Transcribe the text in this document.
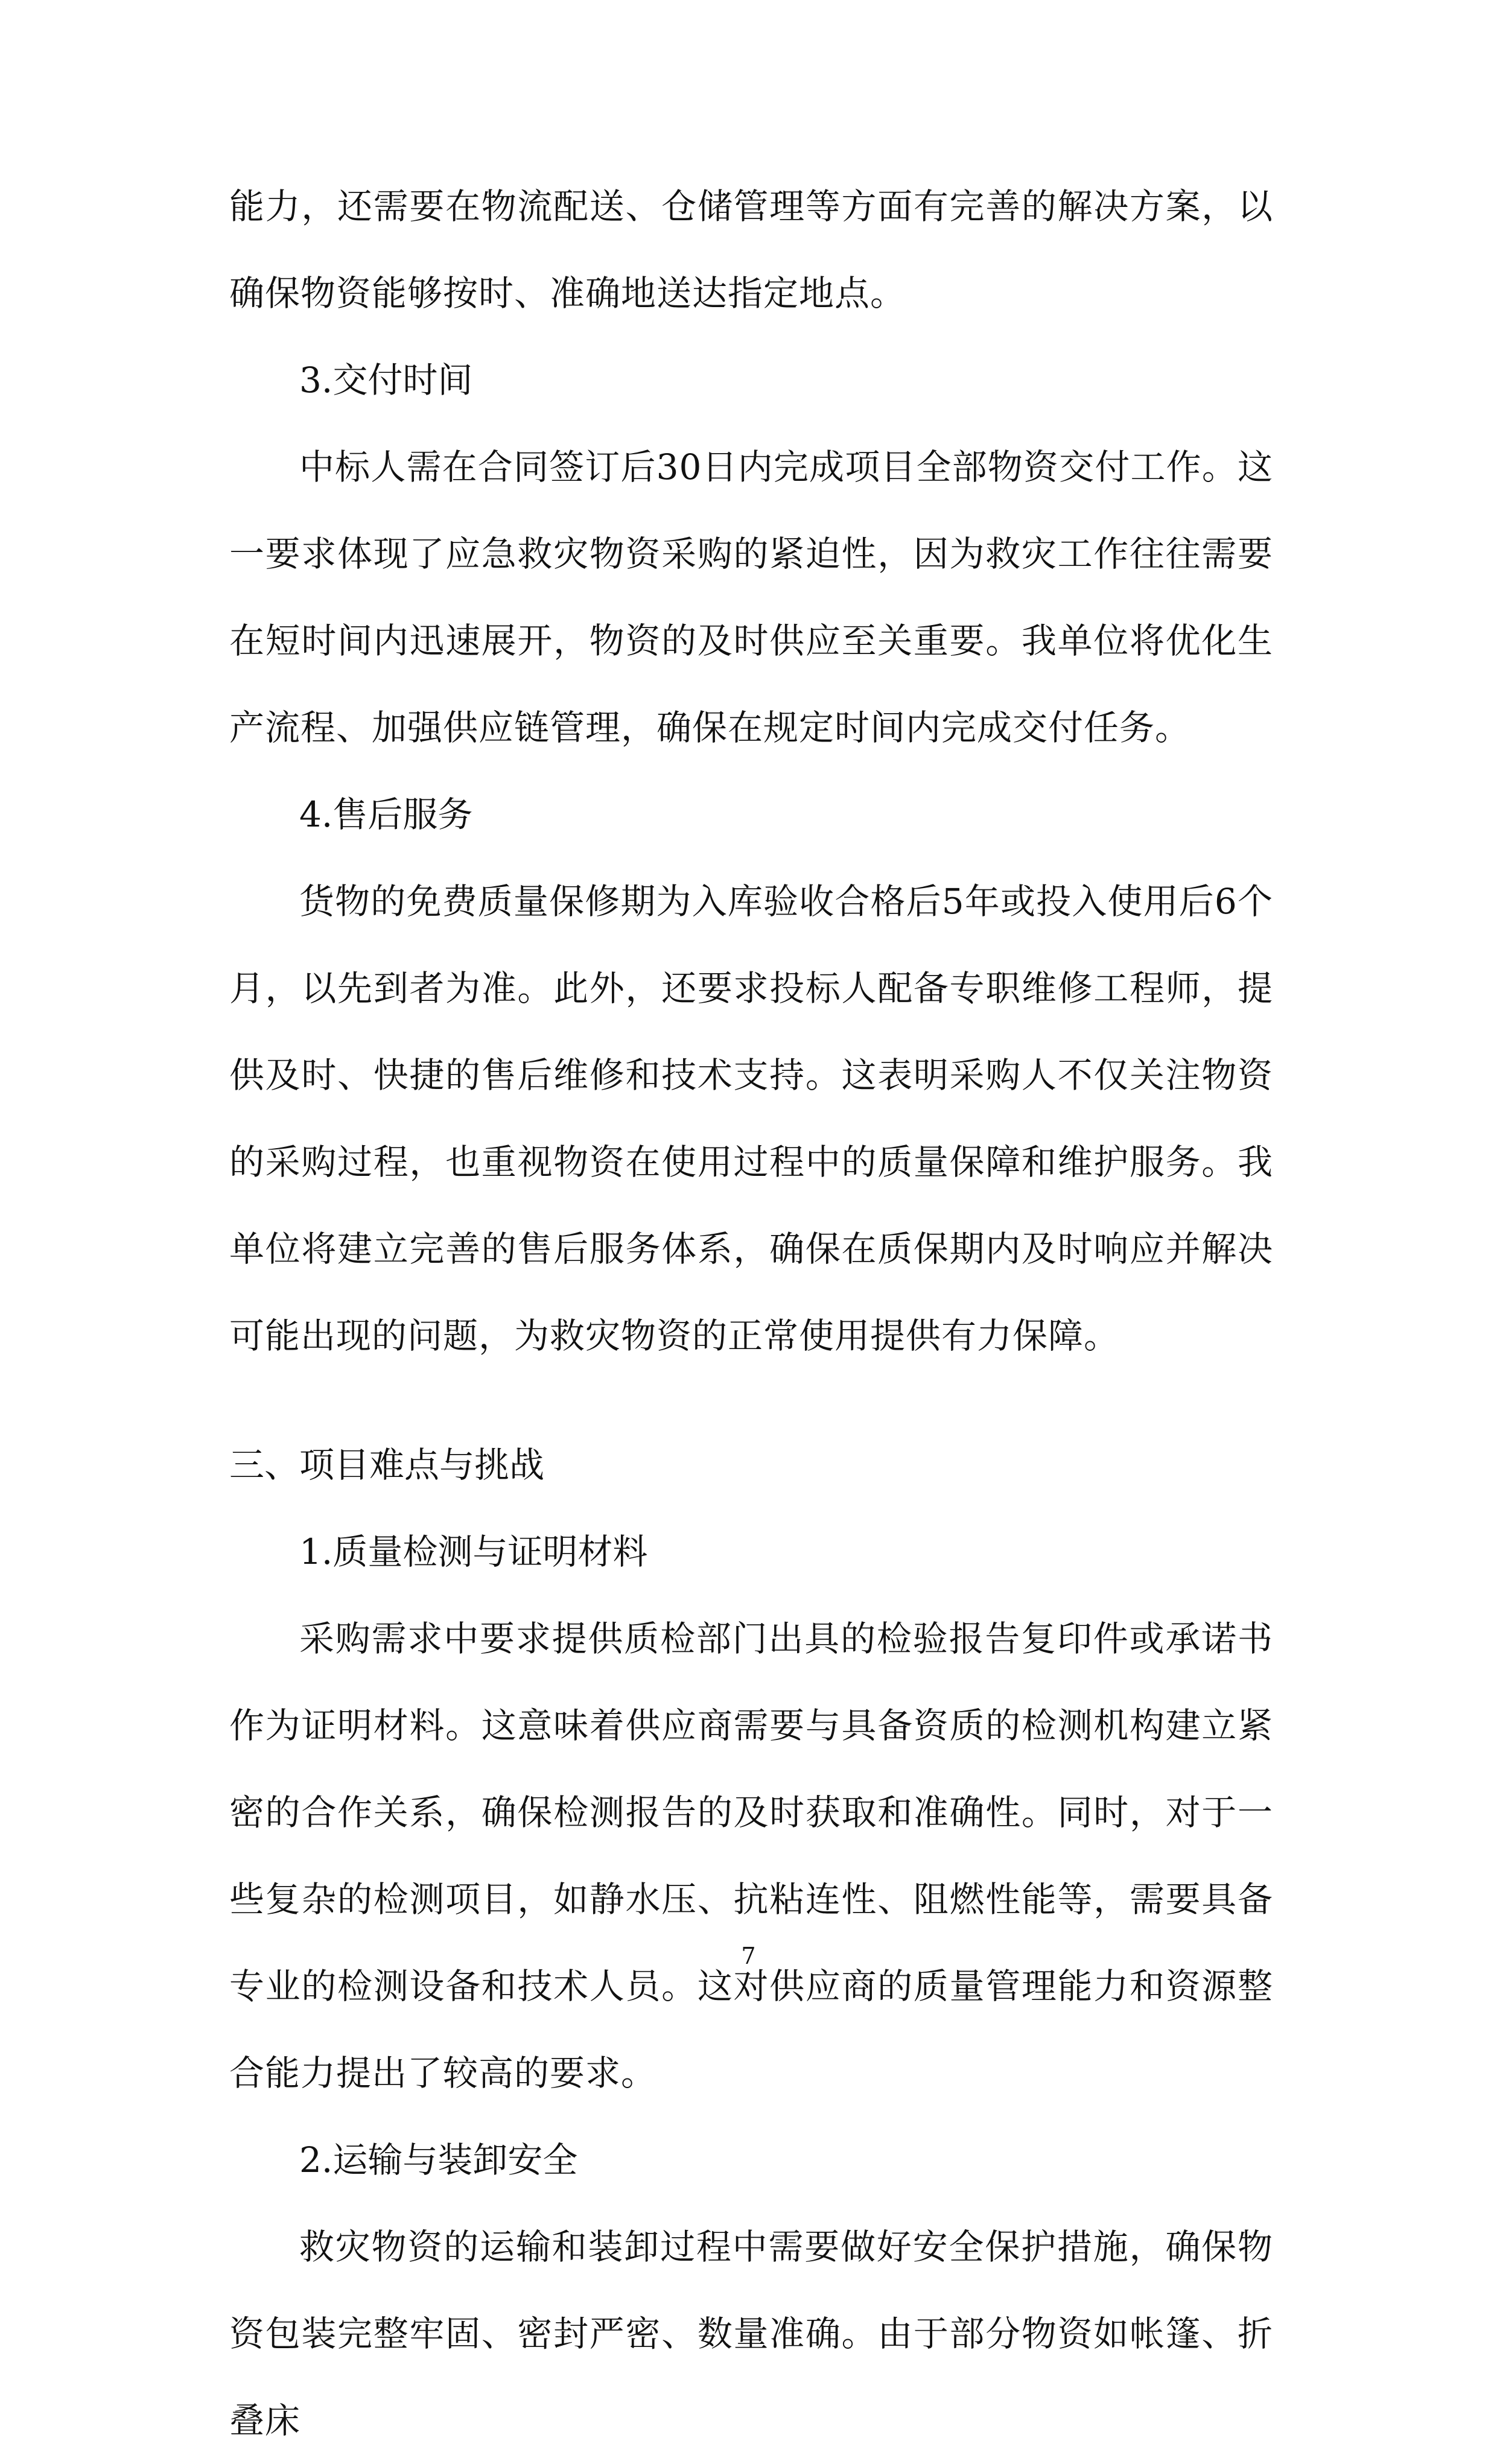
能力，还需要在物流配送、仓储管理等方面有完善的解决方案，以确保物资能够按时、准确地送达指定地点。

3.交付时间

中标人需在合同签订后30日内完成项目全部物资交付工作。这一要求体现了应急救灾物资采购的紧迫性，因为救灾工作往往需要在短时间内迅速展开，物资的及时供应至关重要。我单位将优化生产流程、加强供应链管理，确保在规定时间内完成交付任务。

4.售后服务

货物的免费质量保修期为入库验收合格后5年或投入使用后6个月，以先到者为准。此外，还要求投标人配备专职维修工程师，提供及时、快捷的售后维修和技术支持。这表明采购人不仅关注物资的采购过程，也重视物资在使用过程中的质量保障和维护服务。我单位将建立完善的售后服务体系，确保在质保期内及时响应并解决可能出现的问题，为救灾物资的正常使用提供有力保障。

三、项目难点与挑战

1.质量检测与证明材料

采购需求中要求提供质检部门出具的检验报告复印件或承诺书作为证明材料。这意味着供应商需要与具备资质的检测机构建立紧密的合作关系，确保检测报告的及时获取和准确性。同时，对于一些复杂的检测项目，如静水压、抗粘连性、阻燃性能等，需要具备专业的检测设备和技术人员。这对供应商的质量管理能力和资源整合能力提出了较高的要求。

2.运输与装卸安全

救灾物资的运输和装卸过程中需要做好安全保护措施，确保物资包装完整牢固、密封严密、数量准确。由于部分物资如帐篷、折叠床

7
